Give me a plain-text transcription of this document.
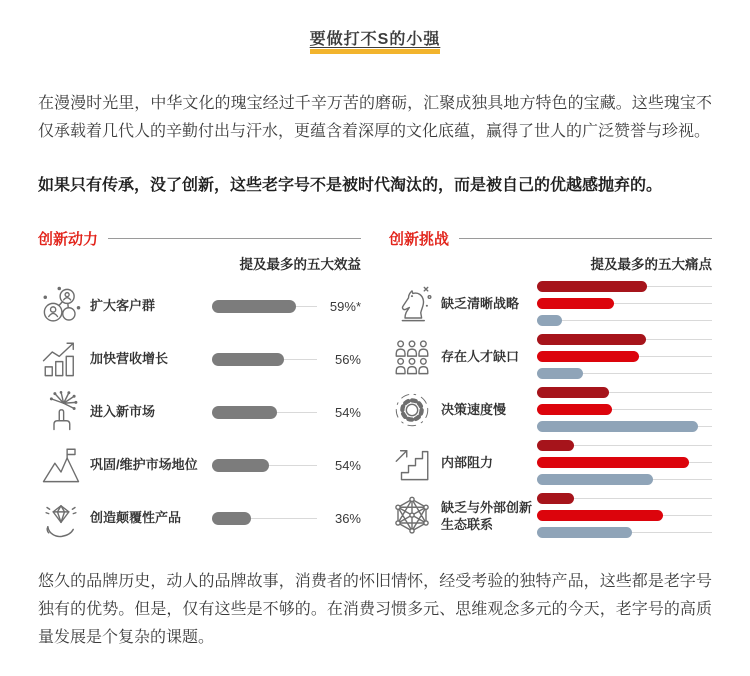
要做打不S的小强

在漫漫时光里，中华文化的瑰宝经过千辛万苦的磨砺，汇聚成独具地方特色的宝藏。这些瑰宝不仅承载着几代人的辛勤付出与汗水，更蕴含着深厚的文化底蕴，赢得了世人的广泛赞誉与珍视。

如果只有传承，没了创新，这些老字号不是被时代淘汰的，而是被自己的优越感抛弃的。

创新动力
提及最多的五大效益
扩大客户群	59%*
加快营收增长	56%
进入新市场	54%
巩固/维护市场地位	54%
创造颠覆性产品	36%
创新挑战
提及最多的五大痛点
缺乏清晰战略
存在人才缺口
决策速度慢
内部阻力
缺乏与外部创新生态联系

悠久的品牌历史，动人的品牌故事，消费者的怀旧情怀，经受考验的独特产品，这些都是老字号独有的优势。但是，仅有这些是不够的。在消费习惯多元、思维观念多元的今天，老字号的高质量发展是个复杂的课题。
